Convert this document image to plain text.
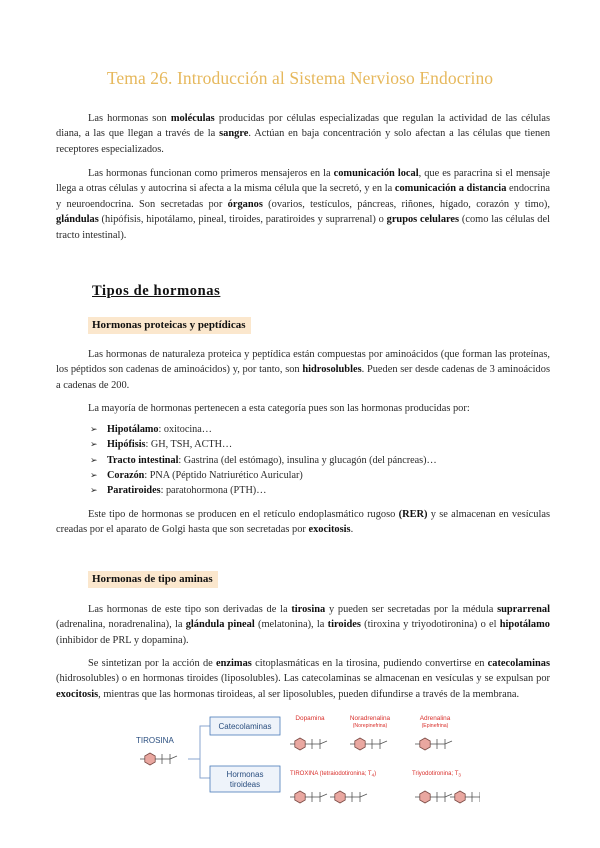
Tema 26. Introducción al Sistema Nervioso Endocrino

Las hormonas son moléculas producidas por células especializadas que regulan la actividad de las células diana, a las que llegan a través de la sangre. Actúan en baja concentración y solo afectan a las células que tienen receptores especializados.

Las hormonas funcionan como primeros mensajeros en la comunicación local, que es paracrina si el mensaje llega a otras células y autocrina si afecta a la misma célula que la secretó, y en la comunicación a distancia endocrina y neuroendocrina. Son secretadas por órganos (ovarios, testículos, páncreas, riñones, hígado, corazón y timo), glándulas (hipófisis, hipotálamo, pineal, tiroides, paratiroides y suprarrenal) o grupos celulares (como las células del tracto intestinal).

Tipos de hormonas
Hormonas proteicas y peptídicas

Las hormonas de naturaleza proteica y peptídica están compuestas por aminoácidos (que forman las proteínas, los péptidos son cadenas de aminoácidos) y, por tanto, son hidrosolubles. Pueden ser desde cadenas de 3 aminoácidos a cadenas de 200.

La mayoría de hormonas pertenecen a esta categoría pues son las hormonas producidas por:

➢ Hipotálamo: oxitocina…
➢ Hipófisis: GH, TSH, ACTH…
➢ Tracto intestinal: Gastrina (del estómago), insulina y glucagón (del páncreas)…
➢ Corazón: PNA (Péptido Natriurético Auricular)
➢ Paratiroides: paratohormona (PTH)…

Este tipo de hormonas se producen en el retículo endoplasmático rugoso (RER) y se almacenan en vesículas creadas por el aparato de Golgi hasta que son secretadas por exocitosis.

Hormonas de tipo aminas

Las hormonas de este tipo son derivadas de la tirosina y pueden ser secretadas por la médula suprarrenal (adrenalina, noradrenalina), la glándula pineal (melatonina), la tiroides (tiroxina y triyodotironina) o el hipotálamo (inhibidor de PRL y dopamina).

Se sintetizan por la acción de enzimas citoplasmáticas en la tirosina, pudiendo convertirse en catecolaminas (hidrosolubles) o en hormonas tiroides (liposolubles). Las catecolaminas se almacenan en vesículas y se expulsan por exocitosis, mientras que las hormonas tiroideas, al ser liposolubles, pueden difundirse a través de la membrana.

TIROSINA
Catecolaminas
Hormonas tiroideas
Dopamina	Noradrenalina
(Norepinefrina)
Adrenalina
(Epinefrina)
TIROXINA (tetraiodotironina; $T_4$)	Triyodotironina; $T_3$
